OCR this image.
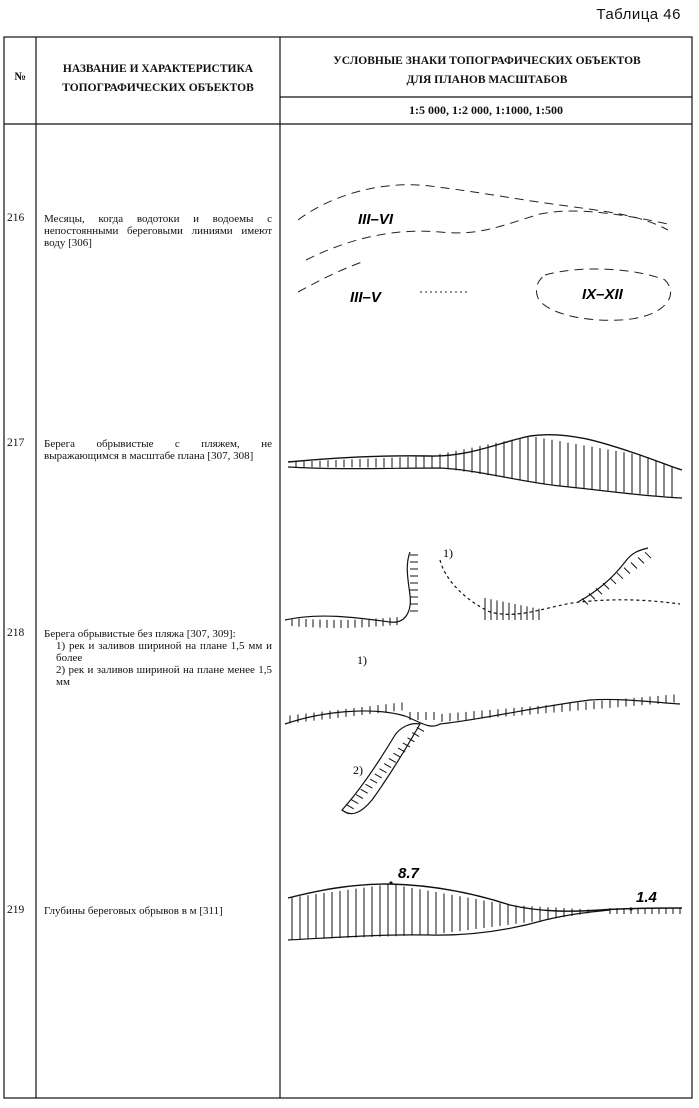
Таблица 46
№
НАЗВАНИЕ И ХАРАКТЕРИСТИКА ТОПОГРАФИЧЕСКИХ ОБЪЕКТОВ
УСЛОВНЫЕ ЗНАКИ ТОПОГРАФИЧЕСКИХ ОБЪЕКТОВ ДЛЯ ПЛАНОВ МАСШТАБОВ
1:5 000, 1:2 000, 1:1000, 1:500
216 Месяцы, когда водотоки и водоемы с непостоянными береговыми линиями имеют воду [306]
217 Берега обрывистые с пляжем, не выражающимся в масштабе плана [307, 308]
218 Берега обрывистые без пляжа [307, 309]:
1) рек и заливов шириной на плане 1,5 мм и более
2) рек и заливов шириной на плане менее 1,5 мм
219 Глубины береговых обрывов в м [311]
III–VI
III–V	IX–XII
1)
1)
2)
8.7
1.4
